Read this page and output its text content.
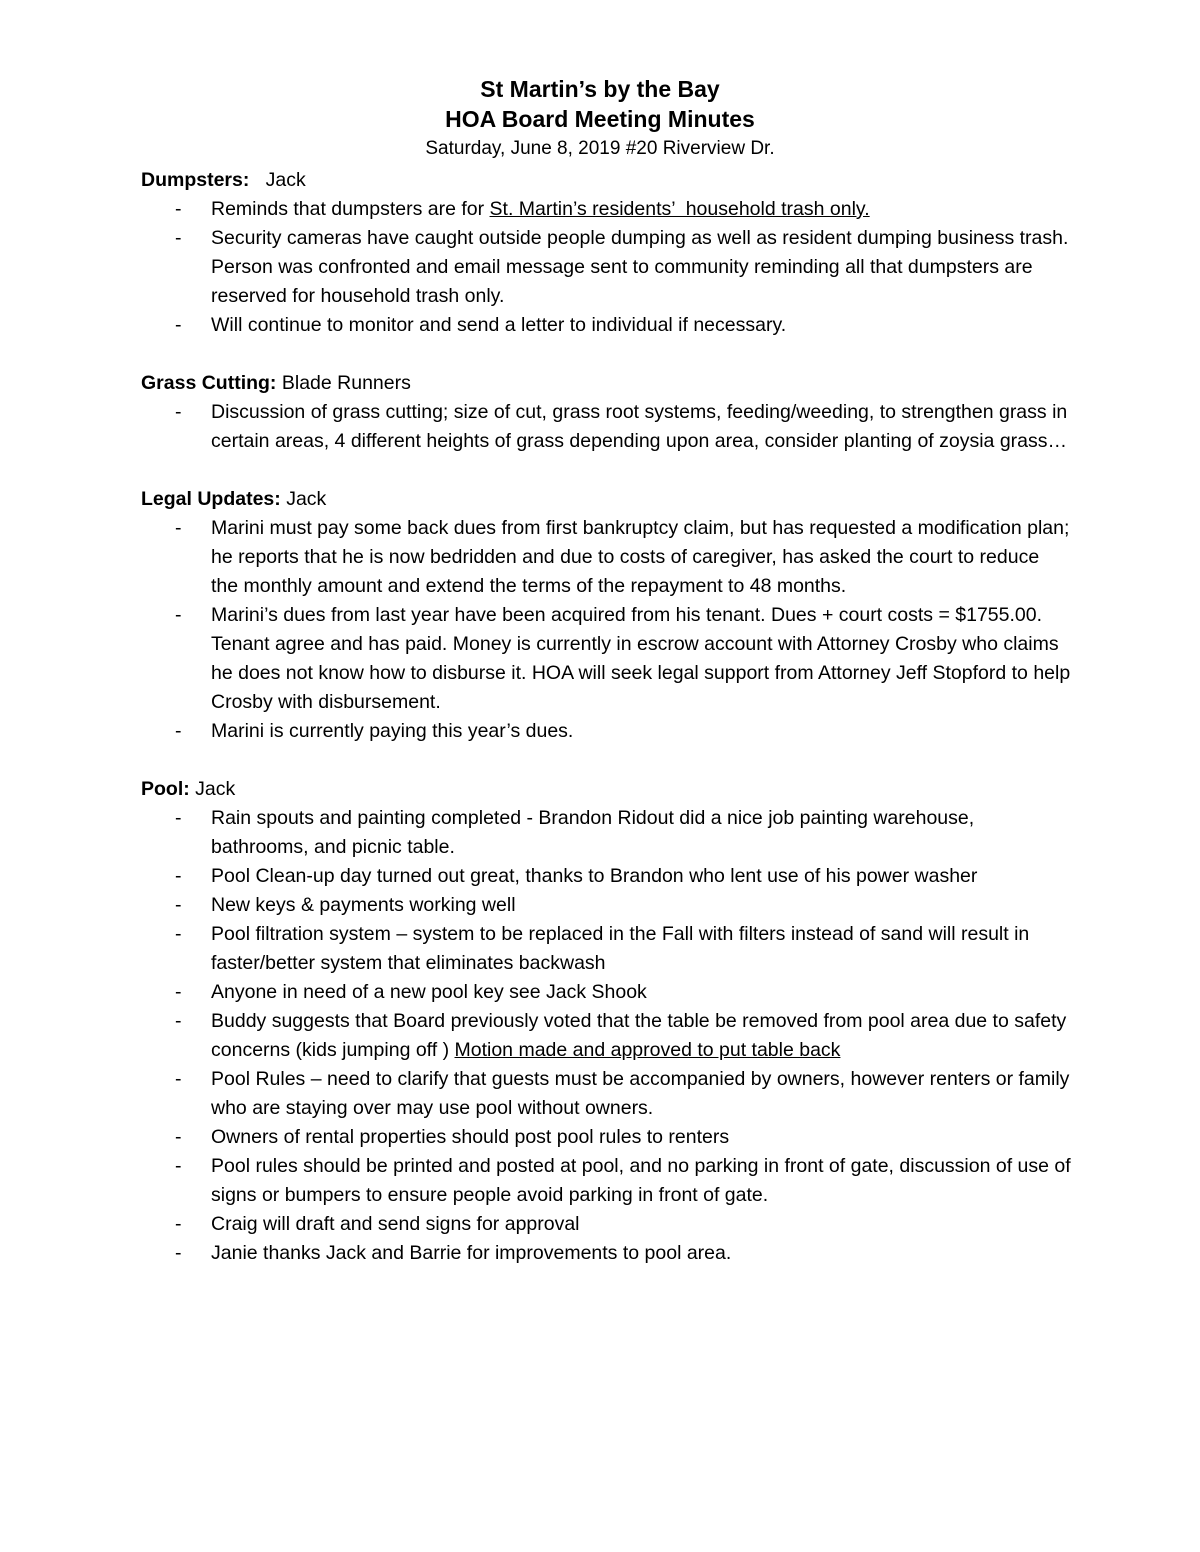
St Martin’s by the Bay

HOA Board Meeting Minutes

Saturday, June 8, 2019 #20 Riverview Dr.

Dumpsters:   Jack

- Reminds that dumpsters are for St. Martin’s residents’  household trash only.
- Security cameras have caught outside people dumping as well as resident dumping business trash. Person was confronted and email message sent to community reminding all that dumpsters are reserved for household trash only.
- Will continue to monitor and send a letter to individual if necessary.

Grass Cutting: Blade Runners

- Discussion of grass cutting; size of cut, grass root systems, feeding/weeding, to strengthen grass in certain areas, 4 different heights of grass depending upon area, consider planting of zoysia grass…

Legal Updates: Jack

- Marini must pay some back dues from first bankruptcy claim, but has requested a modification plan; he reports that he is now bedridden and due to costs of caregiver, has asked the court to reduce the monthly amount and extend the terms of the repayment to 48 months.
- Marini’s dues from last year have been acquired from his tenant. Dues + court costs = $1755.00. Tenant agree and has paid. Money is currently in escrow account with Attorney Crosby who claims he does not know how to disburse it. HOA will seek legal support from Attorney Jeff Stopford to help Crosby with disbursement.
- Marini is currently paying this year’s dues.

Pool: Jack

- Rain spouts and painting completed - Brandon Ridout did a nice job painting warehouse, bathrooms, and picnic table.
- Pool Clean-up day turned out great, thanks to Brandon who lent use of his power washer
- New keys & payments working well
- Pool filtration system – system to be replaced in the Fall with filters instead of sand will result in faster/better system that eliminates backwash
- Anyone in need of a new pool key see Jack Shook
- Buddy suggests that Board previously voted that the table be removed from pool area due to safety concerns (kids jumping off ) Motion made and approved to put table back
- Pool Rules – need to clarify that guests must be accompanied by owners, however renters or family who are staying over may use pool without owners.
- Owners of rental properties should post pool rules to renters
- Pool rules should be printed and posted at pool, and no parking in front of gate, discussion of use of signs or bumpers to ensure people avoid parking in front of gate.
- Craig will draft and send signs for approval
- Janie thanks Jack and Barrie for improvements to pool area.
